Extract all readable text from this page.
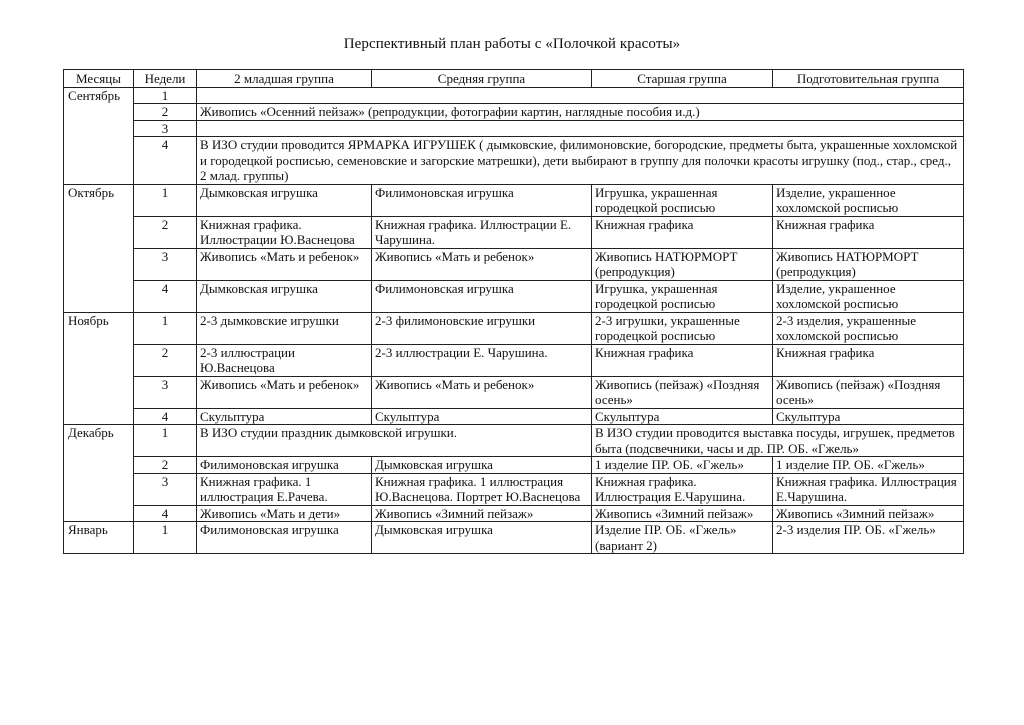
Перспективный план работы с «Полочкой красоты»
Месяцы	Недели	2 младшая группа	Средняя группа	Старшая группа	Подготовительная группа
Сентябрь	1				
	2	Живопись «Осенний пейзаж» (репродукции, фотографии картин, наглядные пособия и.д.)			
	3				
	4	В ИЗО студии проводится ЯРМАРКА ИГРУШЕК ( дымковские, филимоновские, богородские, предметы быта, украшенные хохломской и городецкой росписью, семеновские и загорские матрешки), дети выбирают в группу для полочки красоты игрушку (под., стар., сред., 2 млад. группы)			
Октябрь	1	Дымковская игрушка	Филимоновская игрушка	Игрушка, украшенная городецкой росписью	Изделие, украшенное хохломской росписью
	2	Книжная графика. Иллюстрации Ю.Васнецова	Книжная графика. Иллюстрации Е. Чарушина.	Книжная графика	Книжная графика
	3	Живопись «Мать и ребенок»	Живопись «Мать и ребенок»	Живопись НАТЮРМОРТ (репродукция)	Живопись НАТЮРМОРТ (репродукция)
	4	Дымковская игрушка	Филимоновская игрушка	Игрушка, украшенная городецкой росписью	Изделие, украшенное хохломской росписью
Ноябрь	1	2-3 дымковские игрушки	2-3 филимоновские игрушки	2-3 игрушки, украшенные городецкой росписью	2-3 изделия, украшенные хохломской росписью
	2	2-3 иллюстрации Ю.Васнецова	2-3 иллюстрации Е. Чарушина.	Книжная графика	Книжная графика
	3	Живопись «Мать и ребенок»	Живопись «Мать и ребенок»	Живопись (пейзаж) «Поздняя осень»	Живопись (пейзаж) «Поздняя осень»
	4	Скульптура	Скульптура	Скульптура	Скульптура
Декабрь	1	В ИЗО студии праздник дымковской игрушки.		В ИЗО студии проводится выставка посуды, игрушек, предметов быта (подсвечники, часы и др. ПР. ОБ. «Гжель»	
	2	Филимоновская игрушка	Дымковская игрушка	1 изделие ПР. ОБ. «Гжель»	1 изделие ПР. ОБ. «Гжель»
	3	Книжная графика. 1 иллюстрация Е.Рачева.	Книжная графика. 1 иллюстрация Ю.Васнецова. Портрет Ю.Васнецова	Книжная графика. Иллюстрация Е.Чарушина.	Книжная графика. Иллюстрация Е.Чарушина.
	4	Живопись «Мать и дети»	Живопись «Зимний пейзаж»	Живопись «Зимний пейзаж»	Живопись «Зимний пейзаж»
Январь	1	Филимоновская игрушка	Дымковская игрушка	Изделие ПР. ОБ. «Гжель» (вариант 2)	2-3 изделия ПР. ОБ. «Гжель»
